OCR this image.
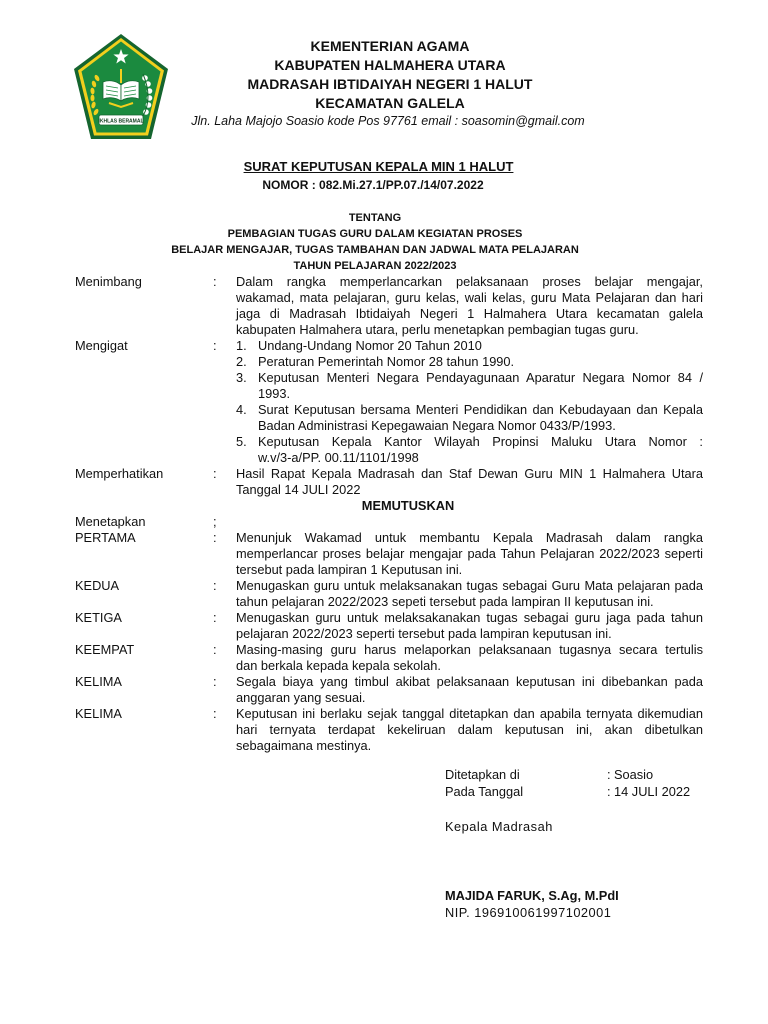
IKHLAS BERAMAL
KEMENTERIAN AGAMA
KABUPATEN HALMAHERA UTARA
MADRASAH IBTIDAIYAH NEGERI 1 HALUT
KECAMATAN GALELA
Jln. Laha Majojo Soasio kode Pos 97761 email : soasomin@gmail.com
SURAT KEPUTUSAN KEPALA MIN 1 HALUT
NOMOR : 082.Mi.27.1/PP.07./14/07.2022
TENTANG
PEMBAGIAN TUGAS GURU DALAM KEGIATAN PROSES
BELAJAR MENGAJAR, TUGAS TAMBAHAN DAN JADWAL MATA PELAJARAN
TAHUN PELAJARAN 2022/2023
Menimbang	: Dalam rangka memperlancarkan pelaksanaan proses belajar mengajar,
wakamad, mata pelajaran, guru kelas, wali kelas, guru Mata Pelajaran dan hari
jaga di Madrasah Ibtidaiyah Negeri 1 Halmahera Utara kecamatan galela
kabupaten Halmahera utara, perlu menetapkan pembagian tugas guru.
Mengigat	: 1. Undang-Undang Nomor 20 Tahun 2010
2. Peraturan Pemerintah Nomor 28 tahun 1990.
3. Keputusan Menteri Negara Pendayagunaan Aparatur Negara Nomor 84 /
1993.
4. Surat Keputusan bersama Menteri Pendidikan dan Kebudayaan dan Kepala
Badan Administrasi Kepegawaian Negara Nomor 0433/P/1993.
5. Keputusan Kepala Kantor Wilayah Propinsi Maluku Utara Nomor :
w.v/3-a/PP. 00.11/1101/1998
Memperhatikan	: Hasil Rapat Kepala Madrasah dan Staf Dewan Guru MIN 1 Halmahera Utara
Tanggal 14 JULI 2022
MEMUTUSKAN
Menetapkan	;
PERTAMA	: Menunjuk Wakamad untuk membantu Kepala Madrasah dalam rangka
memperlancar proses belajar mengajar pada Tahun Pelajaran 2022/2023 seperti
tersebut pada lampiran 1 Keputusan ini.
KEDUA	: Menugaskan guru untuk melaksanakan tugas sebagai Guru Mata pelajaran pada
tahun pelajaran 2022/2023 sepeti tersebut pada lampiran II keputusan ini.
KETIGA	: Menugaskan guru untuk melaksakanakan tugas sebagai guru jaga pada tahun
pelajaran 2022/2023 seperti tersebut pada lampiran keputusan ini.
KEEMPAT	: Masing-masing guru harus melaporkan pelaksanaan tugasnya secara tertulis
dan berkala kepada kepala sekolah.
KELIMA	: Segala biaya yang timbul akibat pelaksanaan keputusan ini dibebankan pada
anggaran yang sesuai.
KELIMA	: Keputusan ini berlaku sejak tanggal ditetapkan dan apabila ternyata dikemudian
hari ternyata terdapat kekeliruan dalam keputusan ini, akan dibetulkan
sebagaimana mestinya.
Ditetapkan di	: Soasio
Pada Tanggal	: 14 JULI 2022
Kepala Madrasah
MAJIDA FARUK, S.Ag, M.PdI
NIP. 196910061997102001
